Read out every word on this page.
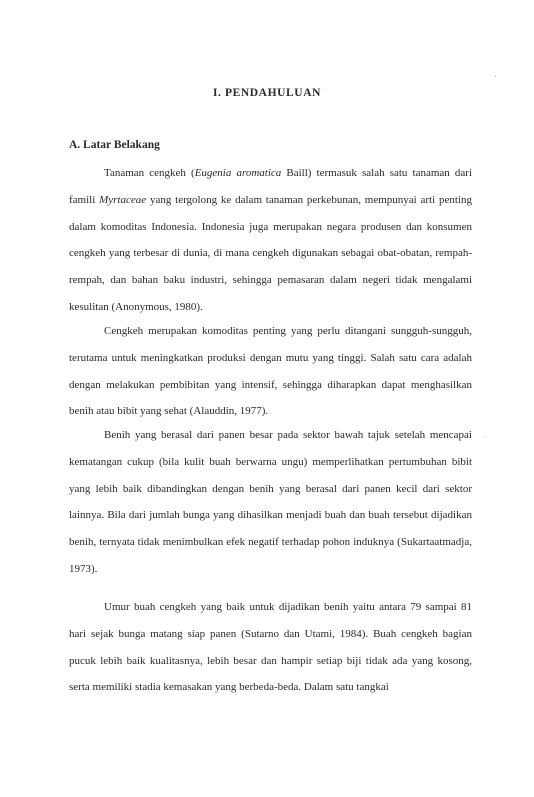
I. PENDAHULUAN
A. Latar Belakang

Tanaman cengkeh (Eugenia aromatica Baill) termasuk salah satu tanaman dari famili Myrtaceae yang tergolong ke dalam tanaman perkebunan, mempunyai arti penting dalam komoditas Indonesia. Indonesia juga merupakan negara produsen dan konsumen cengkeh yang terbesar di dunia, di mana cengkeh digunakan sebagai obat-obatan, rempah-rempah, dan bahan baku industri, sehingga pemasaran dalam negeri tidak mengalami kesulitan (Anonymous, 1980).

Cengkeh merupakan komoditas penting yang perlu ditangani sungguh-sungguh, terutama untuk meningkatkan produksi dengan mutu yang tinggi. Salah satu cara adalah dengan melakukan pembibitan yang intensif, sehingga diharapkan dapat menghasilkan benih atau bibit yang sehat (Alauddin, 1977).

Benih yang berasal dari panen besar pada sektor bawah tajuk setelah mencapai kematangan cukup (bila kulit buah berwarna ungu) memperlihatkan pertumbuhan bibit yang lebih baik dibandingkan dengan benih yang berasal dari panen kecil dari sektor lainnya. Bila dari jumlah bunga yang dihasilkan menjadi buah dan buah tersebut dijadikan benih, ternyata tidak menimbulkan efek negatif terhadap pohon induknya (Sukartaatmadja, 1973).

Umur buah cengkeh yang baik untuk dijadikan benih yaitu antara 79 sampai 81 hari sejak bunga matang siap panen (Sutarno dan Utami, 1984). Buah cengkeh bagian pucuk lebih baik kualitasnya, lebih besar dan hampir setiap biji tidak ada yang kosong, serta memiliki stadia kemasakan yang berbeda-beda. Dalam satu tangkai

ˏ
ˑ
